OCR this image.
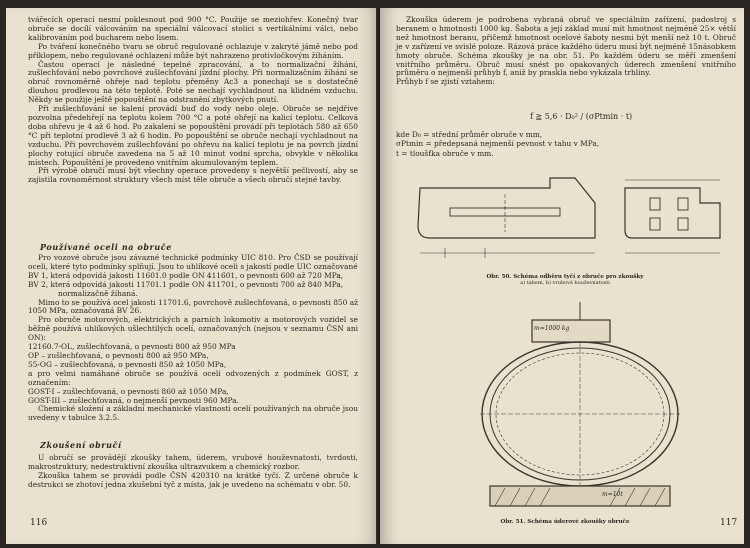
tvářecích operací nesmí poklesnout pod 900 °C. Použije se meziohřev. Konečný tvar obruče se docílí válcováním na speciální válcovací stolici s vertikálními válci, nebo kalibrováním pod bucharem nebo lisem.

Po tváření konečného tvaru se obruč regulovaně ochlazuje v zakryté jámě nebo pod příklopem, nebo regulované ochlazení může být nahrazeno protivločkovým žíháním.

Častou operací je následné tepelné zpracování, a to normalizační žíhání, zušlechťování nebo povrchové zušlechťování jízdní plochy. Při normalizačním žíhání se obruč rovnoměrně ohřeje nad teplotu přeměny Ac3 a ponechají se s dostatečně dlouhou prodlevou na této teplotě. Poté se nechají vychladnout na klidném vzduchu. Někdy se použije ještě popouštění na odstranění zbytkových pnutí.

Při zušlechťování se kalení provádí buď do vody nebo oleje. Obruče se nejdříve pozvolna předehřejí na teplotu kolem 700 °C a poté ohřejí na kalicí teplotu. Celková doba ohřevu je 4 až 6 hod. Po zakalení se popouštění provádí při teplotách 580 až 650 °C při teplotní prodlevě 3 až 6 hodin. Po popouštění se obruče nechají vychladnout na vzduchu. Při povrchovém zušlechťování po ohřevu na kalicí teplotu je na povrch jízdní plochy rotující obruče zavedena na 5 až 10 minut vodní sprcha, obvykle v několika místech. Popouštění je provedeno vnitřním akumulovaným teplem.

Při výrobě obručí musí být všechny operace provedeny s největší pečlivostí, aby se zajistila rovnoměrnost struktury všech míst těle obruče a všech obručí stejné tavby.

Používané oceli na obruče

Pro vozové obruče jsou závazné technické podmínky UIC 810. Pro ČSD se používají oceli, které tyto podmínky splňují. Jsou to uhlíkové oceli s jakostí podle UIC označované

BV 1, která odpovídá jakosti 11601.0 podle ON 411601, o pevnosti 600 až 720 MPa,

BV 2, která odpovídá jakosti 11701.1 podle ON 411701, o pevnosti 700 až 840 MPa,

normalizačně žíhaná.

Mimo to se používá ocel jakosti 11701.6, povrchově zušlechťovaná, o pevnosti 850 až 1050 MPa, označovaná BV 26.

Pro obruče motorových, elektrických a parních lokomotiv a motorových vozidel se běžně používá uhlíkových ušlechtilých ocelí, označovaných (nejsou v seznamu ČSN ani ON):

12160.7-OL, zušlechťovaná, o pevnosti 800 až 950 MPa

OP – zušlechťovaná, o pevnosti 800 až 950 MPa,

55-OG – zušlechťovaná, o pevnosti 850 až 1050 MPa,

a pro velmi namáhané obruče se používá ocelí odvozených z podmínek GOST, z označením:

GOST-I – zušlechťovaná, o pevnosti 860 až 1050 MPa,

GOST-III – zušlechťovaná, o nejmenší pevnosti 960 MPa.

Chemické složení a základní mechanické vlastnosti ocelí používaných na obruče jsou uvedeny v tabulce 3.2.5.

Zkoušení obručí

U obručí se provádějí zkoušky tahem, úderem, vrubové houževnatosti, tvrdosti, makrostruktury, nedestruktivní zkouška ultrazvukem a chemický rozbor.

Zkouška tahem se provádí podle ČSN 420310 na krátké tyči. Z určené obruče k destrukci se zhotoví jedna zkušební tyč z místa, jak je uvedeno na schématu v obr. 50.

116

Zkouška úderem je podrobena vybraná obruč ve speciálním zařízení, padostroj s beranem o hmotnosti 1000 kg. Šabota a její základ musí mít hmotnost nejméně 25× větší než hmotnost beranu, přičemž hmotnost ocelové šaboty nesmí být menší než 10 t. Obruč je v zařízení ve svislé poloze. Rázová práce každého úderu musí být nejméně 15násobkem hmoty obruče. Schéma zkoušky je na obr. 51. Po každém úderu se měří zmenšení vnitřního průměru. Obruč musí snést po opakovaných úderech zmenšení vnitřního průměru o nejmenší průhyb f, aniž by praskla nebo vykázala trhliny.

Průhyb f se zjistí vztahem:

f ≧ 5,6 · D₀² / (σPtmin · t)
kde D₀ = střední průměr obruče v mm,
σPtmin = předepsaná nejmenší pevnost v tahu v MPa,
t = tloušťka obruče v mm.
Obr. 50. Schéma odběru tyčí z obruče pro zkoušky
a) tahem, b) vrubové houževnatosti
m=1000 kg
m=10t
Obr. 51. Schéma úderové zkoušky obruče	117
